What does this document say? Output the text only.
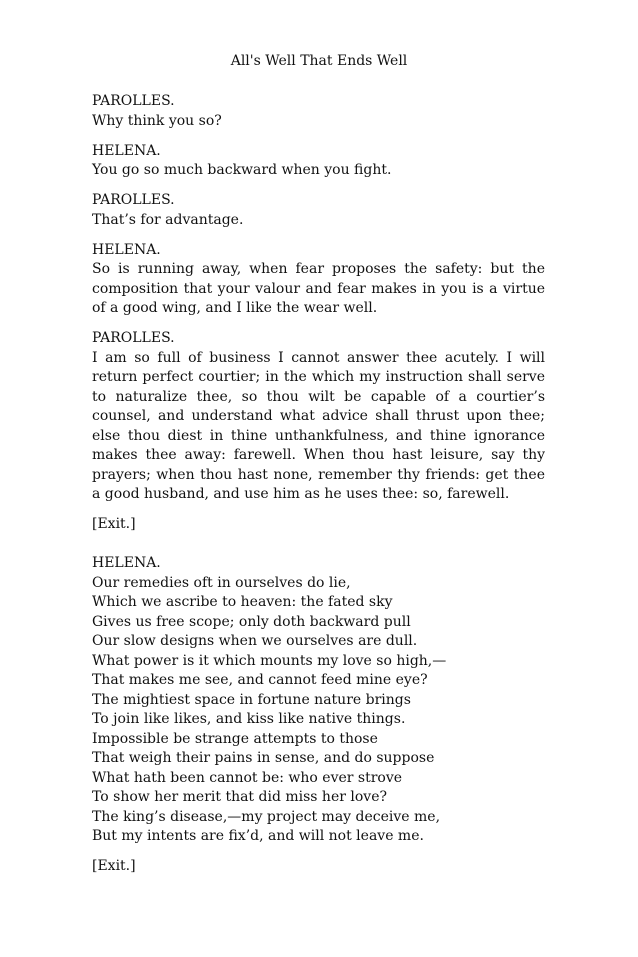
All's Well That Ends Well
PAROLLES.
Why think you so?
HELENA.
You go so much backward when you fight.
PAROLLES.
That’s for advantage.
HELENA.
So is running away, when fear proposes the safety: but the composition that your valour and fear makes in you is a virtue of a good wing, and I like the wear well.
PAROLLES.
I am so full of business I cannot answer thee acutely. I will return perfect courtier; in the which my instruction shall serve to naturalize thee, so thou wilt be capable of a courtier’s counsel, and understand what advice shall thrust upon thee; else thou diest in thine unthankfulness, and thine ignorance makes thee away: farewell. When thou hast leisure, say thy prayers; when thou hast none, remember thy friends: get thee a good husband, and use him as he uses thee: so, farewell.
[Exit.]
HELENA.
Our remedies oft in ourselves do lie,
Which we ascribe to heaven: the fated sky
Gives us free scope; only doth backward pull
Our slow designs when we ourselves are dull.
What power is it which mounts my love so high,—
That makes me see, and cannot feed mine eye?
The mightiest space in fortune nature brings
To join like likes, and kiss like native things.
Impossible be strange attempts to those
That weigh their pains in sense, and do suppose
What hath been cannot be: who ever strove
To show her merit that did miss her love?
The king’s disease,—my project may deceive me,
But my intents are fix’d, and will not leave me.
[Exit.]
